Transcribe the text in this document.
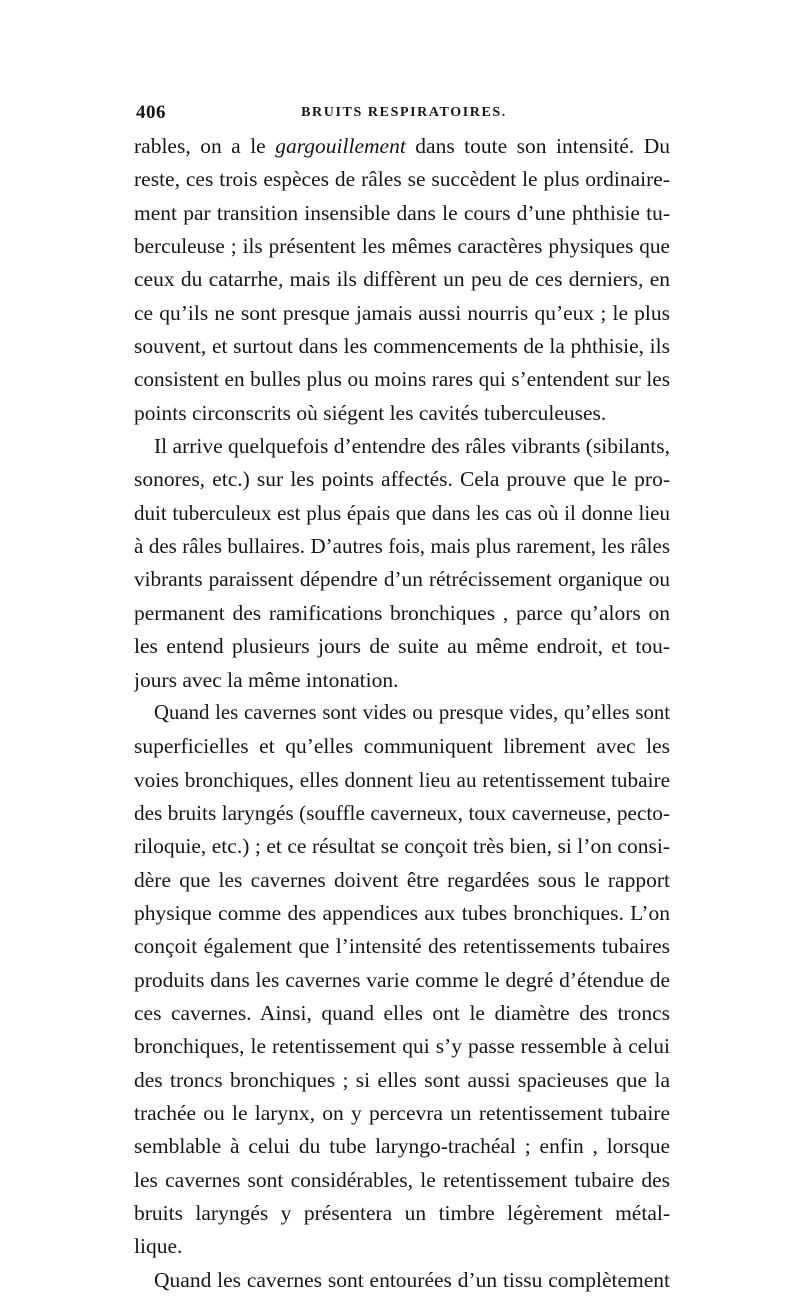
406	BRUITS RESPIRATOIRES.
rables, on a le gargouillement dans toute son intensité. Du
reste, ces trois espèces de râles se succèdent le plus ordinaire-
ment par transition insensible dans le cours d’une phthisie tu-
berculeuse ; ils présentent les mêmes caractères physiques que
ceux du catarrhe, mais ils diffèrent un peu de ces derniers, en
ce qu’ils ne sont presque jamais aussi nourris qu’eux ; le plus
souvent, et surtout dans les commencements de la phthisie, ils
consistent en bulles plus ou moins rares qui s’entendent sur les
points circonscrits où siégent les cavités tuberculeuses.
Il arrive quelquefois d’entendre des râles vibrants (sibilants,
sonores, etc.) sur les points affectés. Cela prouve que le pro-
duit tuberculeux est plus épais que dans les cas où il donne lieu
à des râles bullaires. D’autres fois, mais plus rarement, les râles
vibrants paraissent dépendre d’un rétrécissement organique ou
permanent des ramifications bronchiques , parce qu’alors on
les entend plusieurs jours de suite au même endroit, et tou-
jours avec la même intonation.
Quand les cavernes sont vides ou presque vides, qu’elles sont
superficielles et qu’elles communiquent librement avec les
voies bronchiques, elles donnent lieu au retentissement tubaire
des bruits laryngés (souffle caverneux, toux caverneuse, pecto-
riloquie, etc.) ; et ce résultat se conçoit très bien, si l’on consi-
dère que les cavernes doivent être regardées sous le rapport
physique comme des appendices aux tubes bronchiques. L’on
conçoit également que l’intensité des retentissements tubaires
produits dans les cavernes varie comme le degré d’étendue de
ces cavernes. Ainsi, quand elles ont le diamètre des troncs
bronchiques, le retentissement qui s’y passe ressemble à celui
des troncs bronchiques ; si elles sont aussi spacieuses que la
trachée ou le larynx, on y percevra un retentissement tubaire
semblable à celui du tube laryngo-trachéal ; enfin , lorsque
les cavernes sont considérables, le retentissement tubaire des
bruits laryngés y présentera un timbre légèrement métal-
lique.
Quand les cavernes sont entourées d’un tissu complètement
